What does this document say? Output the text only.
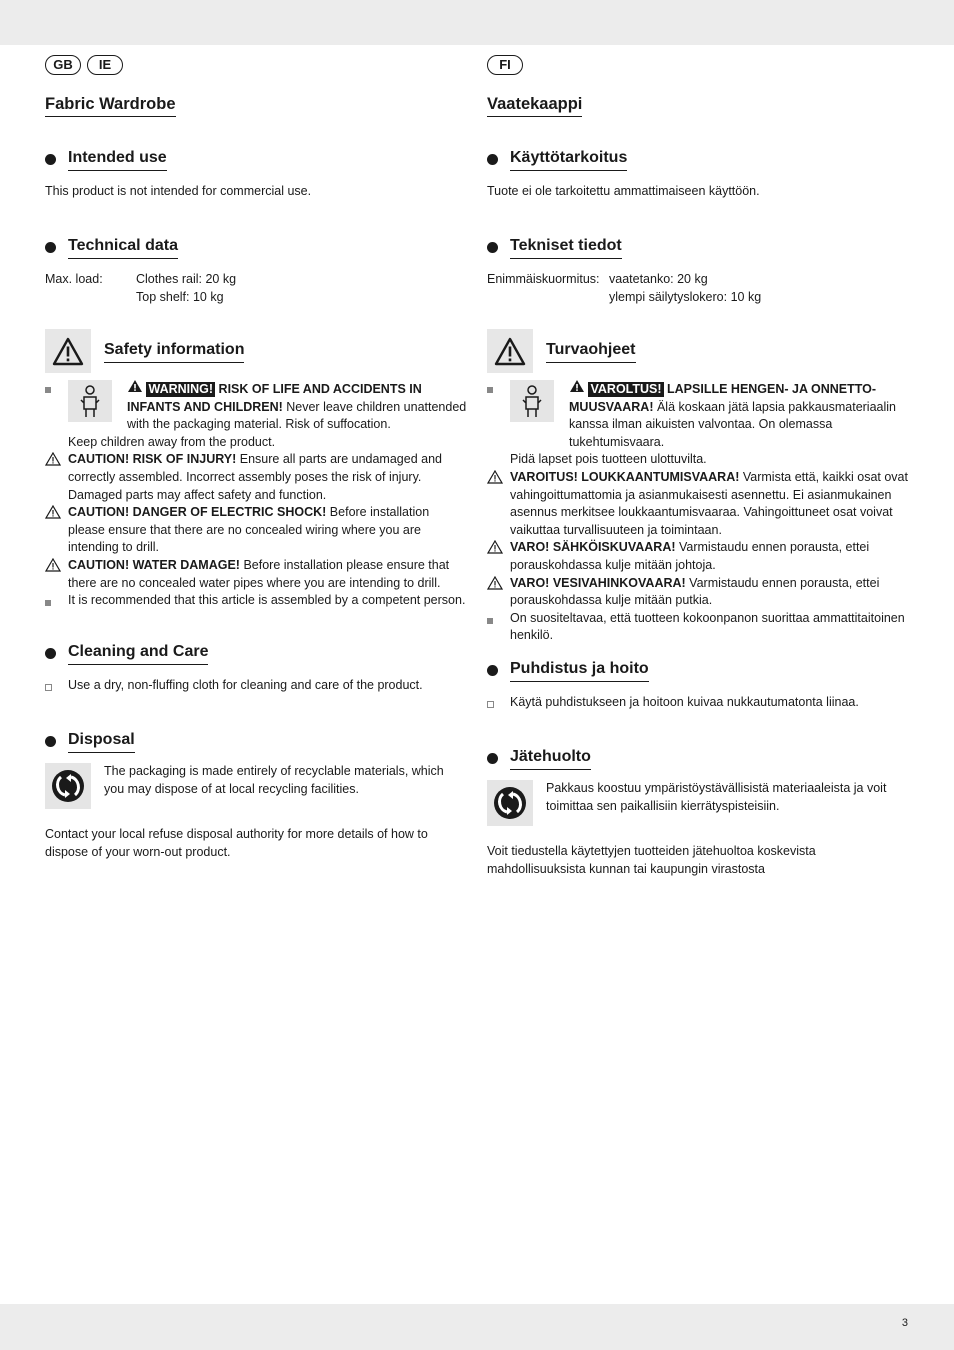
GB	IE
Fabric Wardrobe
Intended use

This product is not intended for commercial use.

Technical data
Max. load:	Clothes rail: 20 kg
Top shelf: 10 kg
Safety information
WARNING! RISK OF LIFE AND ACCIDENTS IN INFANTS AND CHILDREN! Never leave children unattended with the packaging material. Risk of suffocation.
Keep children away from the product.
CAUTION! RISK OF INJURY! Ensure all parts are undamaged and correctly assembled. Incorrect assembly poses the risk of injury. Damaged parts may affect safety and function.
CAUTION! DANGER OF ELECTRIC SHOCK! Before installation please ensure that there are no concealed wiring where you are intending to drill.
CAUTION! WATER DAMAGE! Before installation please ensure that there are no concealed water pipes where you are intending to drill.
It is recommended that this article is assembled by a competent person.
Cleaning and Care
Use a dry, non-fluffing cloth for cleaning and care of the product.
Disposal

The packaging is made entirely of recyclable materials, which you may dispose of at local recycling facilities.

Contact your local refuse disposal authority for more details of how to dispose of your worn-out product.

FI
Vaatekaappi
Käyttötarkoitus

Tuote ei ole tarkoitettu ammattimaiseen käyttöön.

Tekniset tiedot
Enimmäiskuormitus: vaatetanko: 20 kg
ylempi säilytyslokero: 10 kg
Turvaohjeet
VAROLTUS! LAPSILLE HENGEN- JA ONNETTO-MUUSVAARA! Älä koskaan jätä lapsia pakkausmateriaalin kanssa ilman aikuisten valvontaa. On olemassa tukehtumisvaara.
Pidä lapset pois tuotteen ulottuvilta.
VAROITUS! LOUKKAANTUMISVAARA! Varmista että, kaikki osat ovat vahingoittumattomia ja asianmukaisesti asennettu. Ei asianmukainen asennus merkitsee loukkaantumisvaaraa. Vahingoittuneet osat voivat vaikuttaa turvallisuuteen ja toimintaan.
VARO! SÄHKÖISKUVAARA! Varmistaudu ennen porausta, ettei porauskohdassa kulje mitään johtoja.
VARO! VESIVAHINKOVAARA! Varmistaudu ennen porausta, ettei porauskohdassa kulje mitään putkia.
On suositeltavaa, että tuotteen kokoonpanon suorittaa ammattitaitoinen henkilö.
Puhdistus ja hoito
Käytä puhdistukseen ja hoitoon kuivaa nukkautumatonta liinaa.
Jätehuolto

Pakkaus koostuu ympäristöystävällisistä materiaaleista ja voit toimittaa sen paikallisiin kierrätyspisteisiin.

Voit tiedustella käytettyjen tuotteiden jätehuoltoa koskevista mahdollisuuksista kunnan tai kaupungin virastosta

3
